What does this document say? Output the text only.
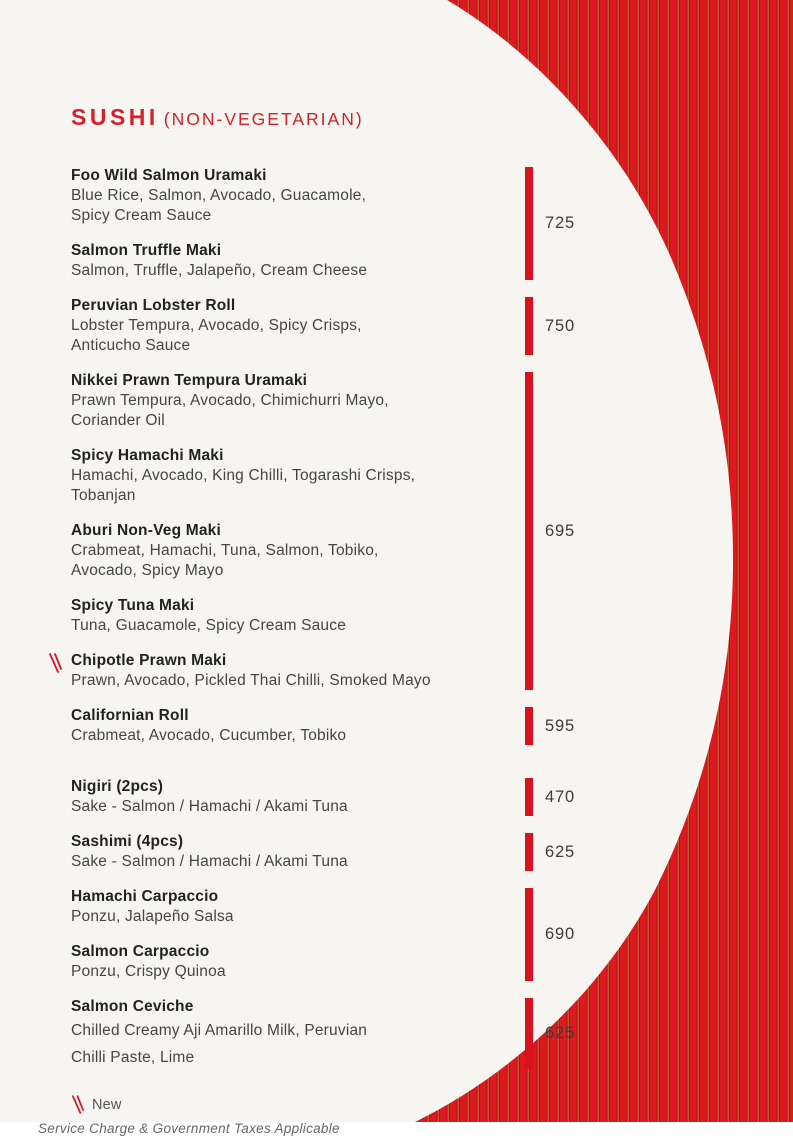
SUSHI (NON-VEGETARIAN)
Foo Wild Salmon Uramaki
Blue Rice, Salmon, Avocado, Guacamole,
Spicy Cream Sauce
Salmon Truffle Maki
Salmon, Truffle, Jalapeño, Cream Cheese
725
Peruvian Lobster Roll
Lobster Tempura, Avocado, Spicy Crisps,
Anticucho Sauce
750
Nikkei Prawn Tempura Uramaki
Prawn Tempura, Avocado, Chimichurri Mayo,
Coriander Oil
Spicy Hamachi Maki
Hamachi, Avocado, King Chilli, Togarashi Crisps,
Tobanjan
Aburi Non-Veg Maki
Crabmeat, Hamachi, Tuna, Salmon, Tobiko,
Avocado, Spicy Mayo
Spicy Tuna Maki
Tuna, Guacamole, Spicy Cream Sauce
Chipotle Prawn Maki
Prawn, Avocado, Pickled Thai Chilli, Smoked Mayo
695
Californian Roll
Crabmeat, Avocado, Cucumber, Tobiko
595
Nigiri (2pcs)
Sake - Salmon / Hamachi / Akami Tuna
470
Sashimi (4pcs)
Sake - Salmon / Hamachi / Akami Tuna
625
Hamachi Carpaccio
Ponzu, Jalapeño Salsa
Salmon Carpaccio
Ponzu, Crispy Quinoa
690
Salmon Ceviche
Chilled Creamy Aji Amarillo Milk, Peruvian
Chilli Paste, Lime
625
New
Service Charge & Government Taxes Applicable
